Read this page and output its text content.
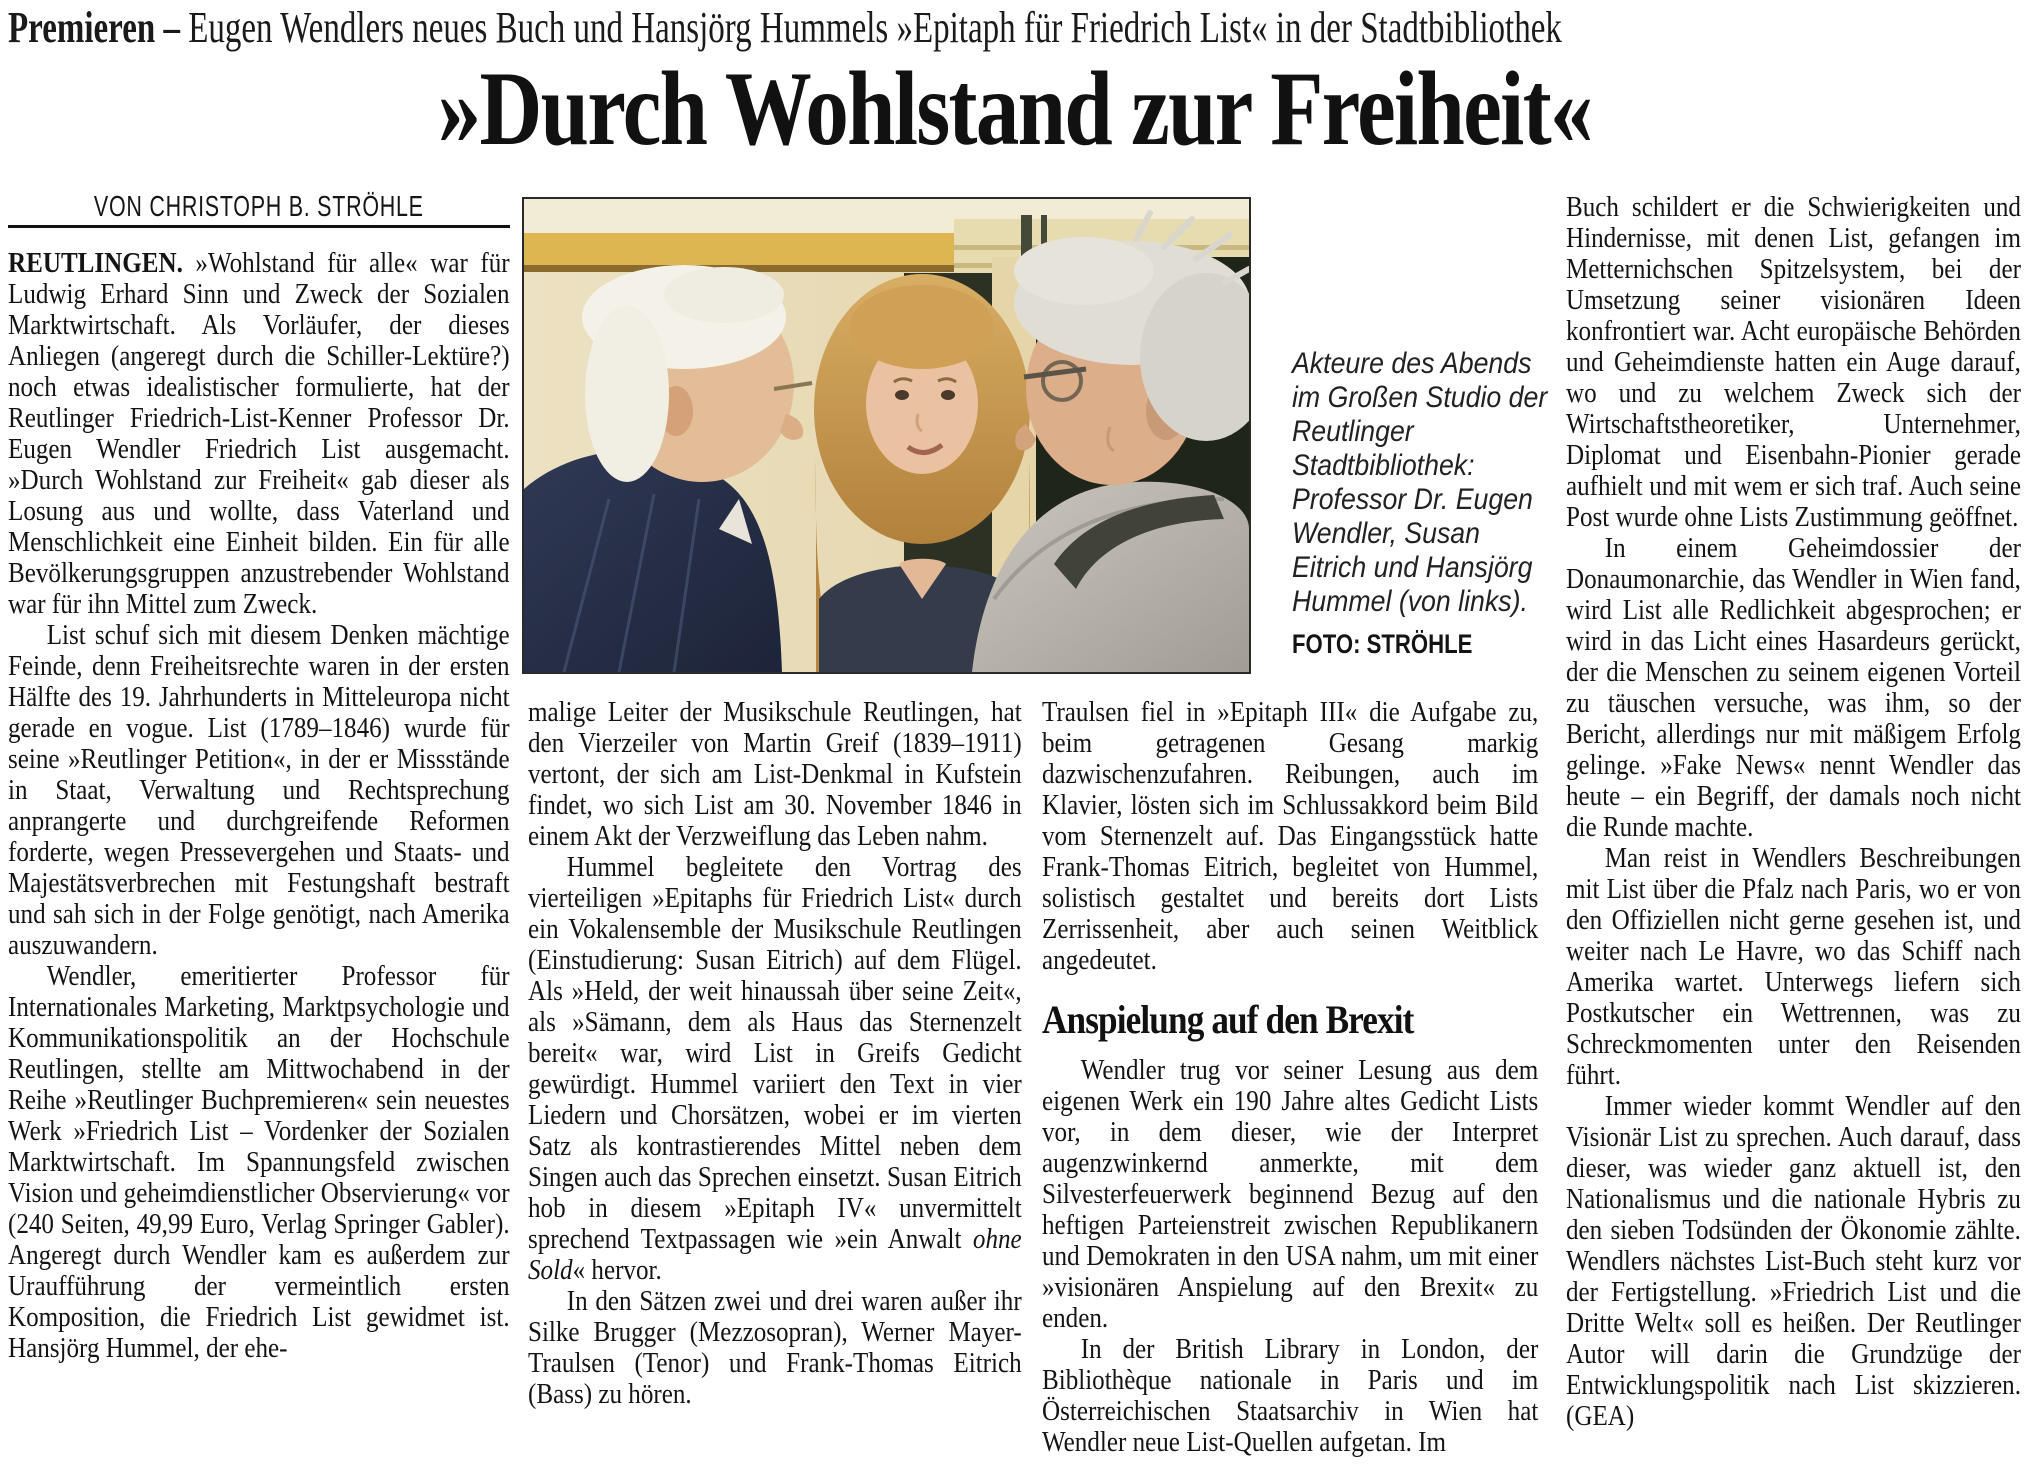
Premieren – Eugen Wendlers neues Buch und Hansjörg Hummels »Epitaph für Friedrich List« in der Stadtbibliothek
»Durch Wohlstand zur Freiheit«
VON CHRISTOPH B. STRÖHLE
Akteure des Abends im Großen Studio der Reutlinger Stadtbibliothek: Professor Dr. Eugen Wendler, Susan Eitrich und Hansjörg Hummel (von links).
FOTO: STRÖHLE

REUTLINGEN. »Wohlstand für alle« war für Ludwig Erhard Sinn und Zweck der Sozialen Marktwirtschaft. Als Vorläufer, der dieses Anliegen (angeregt durch die Schiller-Lektüre?) noch etwas idealistischer formulierte, hat der Reutlinger Friedrich-List-Kenner Professor Dr. Eugen Wendler Friedrich List ausgemacht. »Durch Wohlstand zur Freiheit« gab dieser als Losung aus und wollte, dass Vaterland und Menschlichkeit eine Einheit bilden. Ein für alle Bevölkerungsgruppen anzustrebender Wohlstand war für ihn Mittel zum Zweck.

List schuf sich mit diesem Denken mächtige Feinde, denn Freiheitsrechte waren in der ersten Hälfte des 19. Jahrhunderts in Mitteleuropa nicht gerade en vogue. List (1789–1846) wurde für seine »Reutlinger Petition«, in der er Missstände in Staat, Verwaltung und Rechtsprechung anprangerte und durchgreifende Reformen forderte, wegen Pressevergehen und Staats- und Majestätsverbrechen mit Festungshaft bestraft und sah sich in der Folge genötigt, nach Amerika auszuwandern.

Wendler, emeritierter Professor für Internationales Marketing, Marktpsychologie und Kommunikationspolitik an der Hochschule Reutlingen, stellte am Mittwochabend in der Reihe »Reutlinger Buchpremieren« sein neuestes Werk »Friedrich List – Vordenker der Sozialen Marktwirtschaft. Im Spannungsfeld zwischen Vision und geheimdienstlicher Observierung« vor (240 Seiten, 49,99 Euro, Verlag Springer Gabler). Angeregt durch Wendler kam es außerdem zur Uraufführung der vermeintlich ersten Komposition, die Friedrich List gewidmet ist. Hansjörg Hummel, der ehe-

malige Leiter der Musikschule Reutlingen, hat den Vierzeiler von Martin Greif (1839–1911) vertont, der sich am List-Denkmal in Kufstein findet, wo sich List am 30. November 1846 in einem Akt der Verzweiflung das Leben nahm.

Hummel begleitete den Vortrag des vierteiligen »Epitaphs für Friedrich List« durch ein Vokalensemble der Musikschule Reutlingen (Einstudierung: Susan Eitrich) auf dem Flügel. Als »Held, der weit hinaussah über seine Zeit«, als »Sämann, dem als Haus das Sternenzelt bereit« war, wird List in Greifs Gedicht gewürdigt. Hummel variiert den Text in vier Liedern und Chorsätzen, wobei er im vierten Satz als kontrastierendes Mittel neben dem Singen auch das Sprechen einsetzt. Susan Eitrich hob in diesem »Epitaph IV« unvermittelt sprechend Textpassagen wie »ein Anwalt ohne Sold« hervor.

In den Sätzen zwei und drei waren außer ihr Silke Brugger (Mezzosopran), Werner Mayer-Traulsen (Tenor) und Frank-Thomas Eitrich (Bass) zu hören.

Traulsen fiel in »Epitaph III« die Aufgabe zu, beim getragenen Gesang markig dazwischenzufahren. Reibungen, auch im Klavier, lösten sich im Schlussakkord beim Bild vom Sternenzelt auf. Das Eingangsstück hatte Frank-Thomas Eitrich, begleitet von Hummel, solistisch gestaltet und bereits dort Lists Zerrissenheit, aber auch seinen Weitblick angedeutet.

Anspielung auf den Brexit

Wendler trug vor seiner Lesung aus dem eigenen Werk ein 190 Jahre altes Gedicht Lists vor, in dem dieser, wie der Interpret augenzwinkernd anmerkte, mit dem Silvesterfeuerwerk beginnend Bezug auf den heftigen Parteienstreit zwischen Republikanern und Demokraten in den USA nahm, um mit einer »visionären Anspielung auf den Brexit« zu enden.

In der British Library in London, der Bibliothèque nationale in Paris und im Österreichischen Staatsarchiv in Wien hat Wendler neue List-Quellen aufgetan. Im

Buch schildert er die Schwierigkeiten und Hindernisse, mit denen List, gefangen im Metternichschen Spitzelsystem, bei der Umsetzung seiner visionären Ideen konfrontiert war. Acht europäische Behörden und Geheimdienste hatten ein Auge darauf, wo und zu welchem Zweck sich der Wirtschaftstheoretiker, Unternehmer, Diplomat und Eisenbahn-Pionier gerade aufhielt und mit wem er sich traf. Auch seine Post wurde ohne Lists Zustimmung geöffnet.

In einem Geheimdossier der Donaumonarchie, das Wendler in Wien fand, wird List alle Redlichkeit abgesprochen; er wird in das Licht eines Hasardeurs gerückt, der die Menschen zu seinem eigenen Vorteil zu täuschen versuche, was ihm, so der Bericht, allerdings nur mit mäßigem Erfolg gelinge. »Fake News« nennt Wendler das heute – ein Begriff, der damals noch nicht die Runde machte.

Man reist in Wendlers Beschreibungen mit List über die Pfalz nach Paris, wo er von den Offiziellen nicht gerne gesehen ist, und weiter nach Le Havre, wo das Schiff nach Amerika wartet. Unterwegs liefern sich Postkutscher ein Wettrennen, was zu Schreckmomenten unter den Reisenden führt.

Immer wieder kommt Wendler auf den Visionär List zu sprechen. Auch darauf, dass dieser, was wieder ganz aktuell ist, den Nationalismus und die nationale Hybris zu den sieben Todsünden der Ökonomie zählte. Wendlers nächstes List-Buch steht kurz vor der Fertigstellung. »Friedrich List und die Dritte Welt« soll es heißen. Der Reutlinger Autor will darin die Grundzüge der Entwicklungspolitik nach List skizzieren. (GEA)
